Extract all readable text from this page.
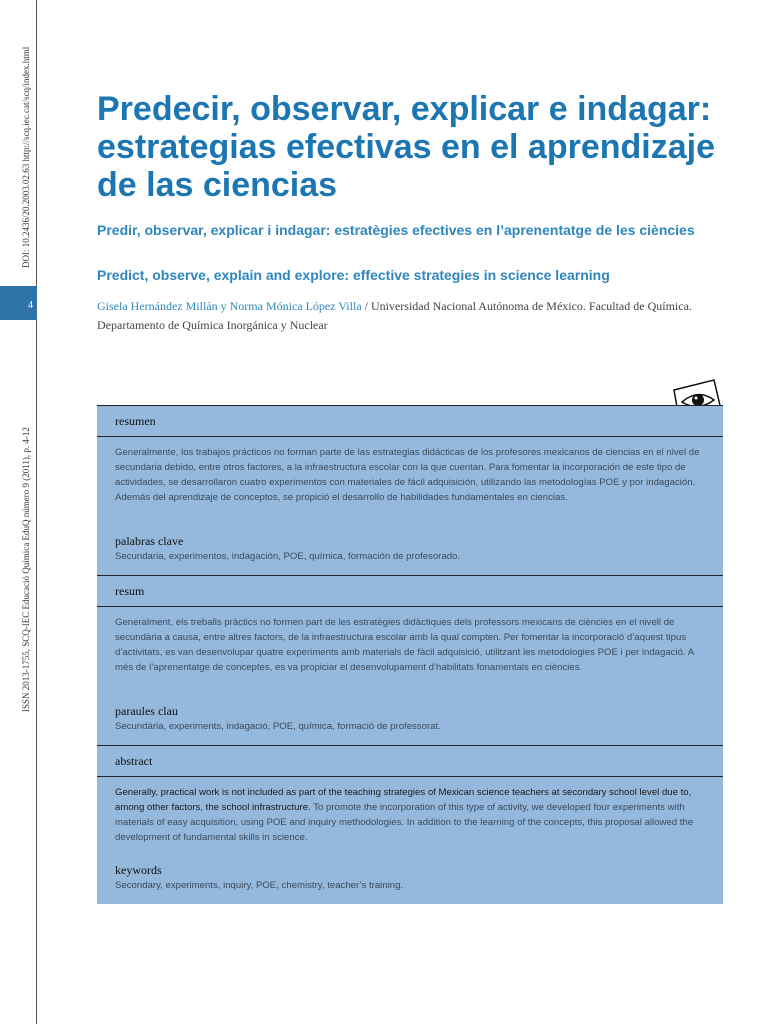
DOI: 10.2436/20.2003.02.63 http://scq.iec.cat/scq/index.html
ISSN 2013-1755, SCQ-IEC Educació Química EduQ número 9 (2011), p. 4-12
4
Predecir, observar, explicar e indagar: estrategias efectivas en el aprendizaje de las ciencias
Predir, observar, explicar i indagar: estratègies efectives en l’aprenentatge de les ciències
Predict, observe, explain and explore: effective strategies in science learning
Gisela Hernández Millán y Norma Mónica López Villa / Universidad Nacional Autónoma de México. Facultad de Química. Departamento de Química Inorgánica y Nuclear
resumen

Generalmente, los trabajos prácticos no forman parte de las estrategias didácticas de los profesores mexicanos de ciencias en el nivel de secundaria debido, entre otros factores, a la infraestructura escolar con la que cuentan. Para fomentar la incorporación de este tipo de actividades, se desarrollaron cuatro experimentos con materiales de fácil adquisición, utilizando las metodologías POE y por indagación. Además del aprendizaje de conceptos, se propició el desarrollo de habilidades fundamentales en ciencias.

palabras clave
Secundaria, experimentos, indagación, POE, química, formación de profesorado.
resum

Generalment, els treballs pràctics no formen part de les estratègies didàctiques dels professors mexicans de ciències en el nivell de secundària a causa, entre altres factors, de la infraestructura escolar amb la qual compten. Per fomentar la incorporació d’aquest tipus d’activitats, es van desenvolupar quatre experiments amb materials de fàcil adquisició, utilitzant les metodologies POE i per indagació. A més de l’aprenentatge de conceptes, es va propiciar el desenvolupament d’habilitats fonamentals en ciències.

paraules clau
Secundària, experiments, indagació, POE, química, formació de professorat.
abstract

Generally, practical work is not included as part of the teaching strategies of Mexican science teachers at secondary school level due to, among other factors, the school infrastructure. To promote the incorporation of this type of activity, we developed four experiments with materials of easy acquisition, using POE and inquiry methodologies. In addition to the learning of the concepts, this proposal allowed the development of fundamental skills in science.

keywords
Secondary, experiments, inquiry, POE, chemistry, teacher’s training.
